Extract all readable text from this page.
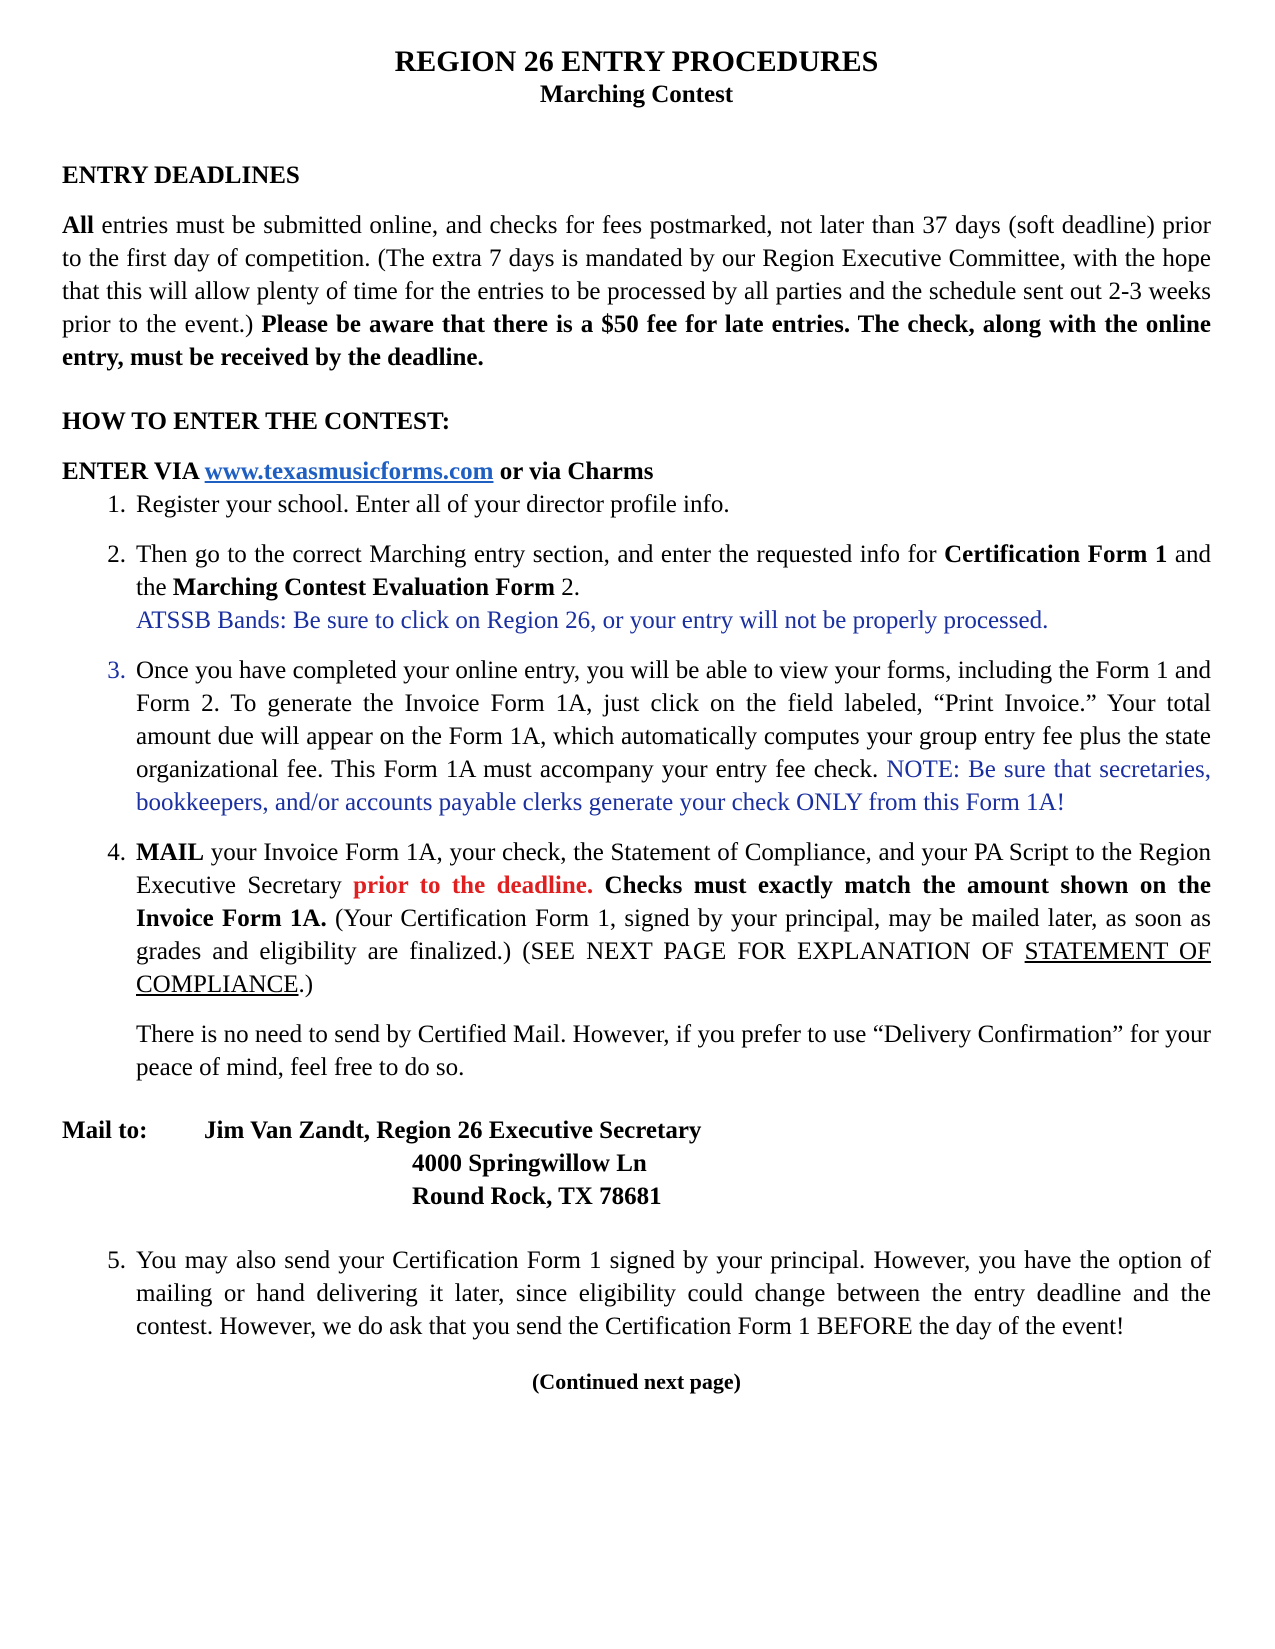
REGION 26 ENTRY PROCEDURES
Marching Contest
ENTRY DEADLINES

All entries must be submitted online, and checks for fees postmarked, not later than 37 days (soft deadline) prior to the first day of competition. (The extra 7 days is mandated by our Region Executive Committee, with the hope that this will allow plenty of time for the entries to be processed by all parties and the schedule sent out 2-3 weeks prior to the event.) Please be aware that there is a $50 fee for late entries. The check, along with the online entry, must be received by the deadline.

HOW TO ENTER THE CONTEST:
ENTER VIA www.texasmusicforms.com or via Charms
1. Register your school. Enter all of your director profile info.
2. Then go to the correct Marching entry section, and enter the requested info for Certification Form 1 and the Marching Contest Evaluation Form 2.
ATSSB Bands: Be sure to click on Region 26, or your entry will not be properly processed.
3. Once you have completed your online entry, you will be able to view your forms, including the Form 1 and Form 2. To generate the Invoice Form 1A, just click on the field labeled, “Print Invoice.” Your total amount due will appear on the Form 1A, which automatically computes your group entry fee plus the state organizational fee. This Form 1A must accompany your entry fee check. NOTE: Be sure that secretaries, bookkeepers, and/or accounts payable clerks generate your check ONLY from this Form 1A!
4. MAIL your Invoice Form 1A, your check, the Statement of Compliance, and your PA Script to the Region Executive Secretary prior to the deadline. Checks must exactly match the amount shown on the Invoice Form 1A. (Your Certification Form 1, signed by your principal, may be mailed later, as soon as grades and eligibility are finalized.) (SEE NEXT PAGE FOR EXPLANATION OF STATEMENT OF COMPLIANCE.)

There is no need to send by Certified Mail. However, if you prefer to use “Delivery Confirmation” for your peace of mind, feel free to do so.

Mail to:	Jim Van Zandt, Region 26 Executive Secretary
4000 Springwillow Ln
Round Rock, TX 78681
5. You may also send your Certification Form 1 signed by your principal. However, you have the option of mailing or hand delivering it later, since eligibility could change between the entry deadline and the contest. However, we do ask that you send the Certification Form 1 BEFORE the day of the event!
(Continued next page)
